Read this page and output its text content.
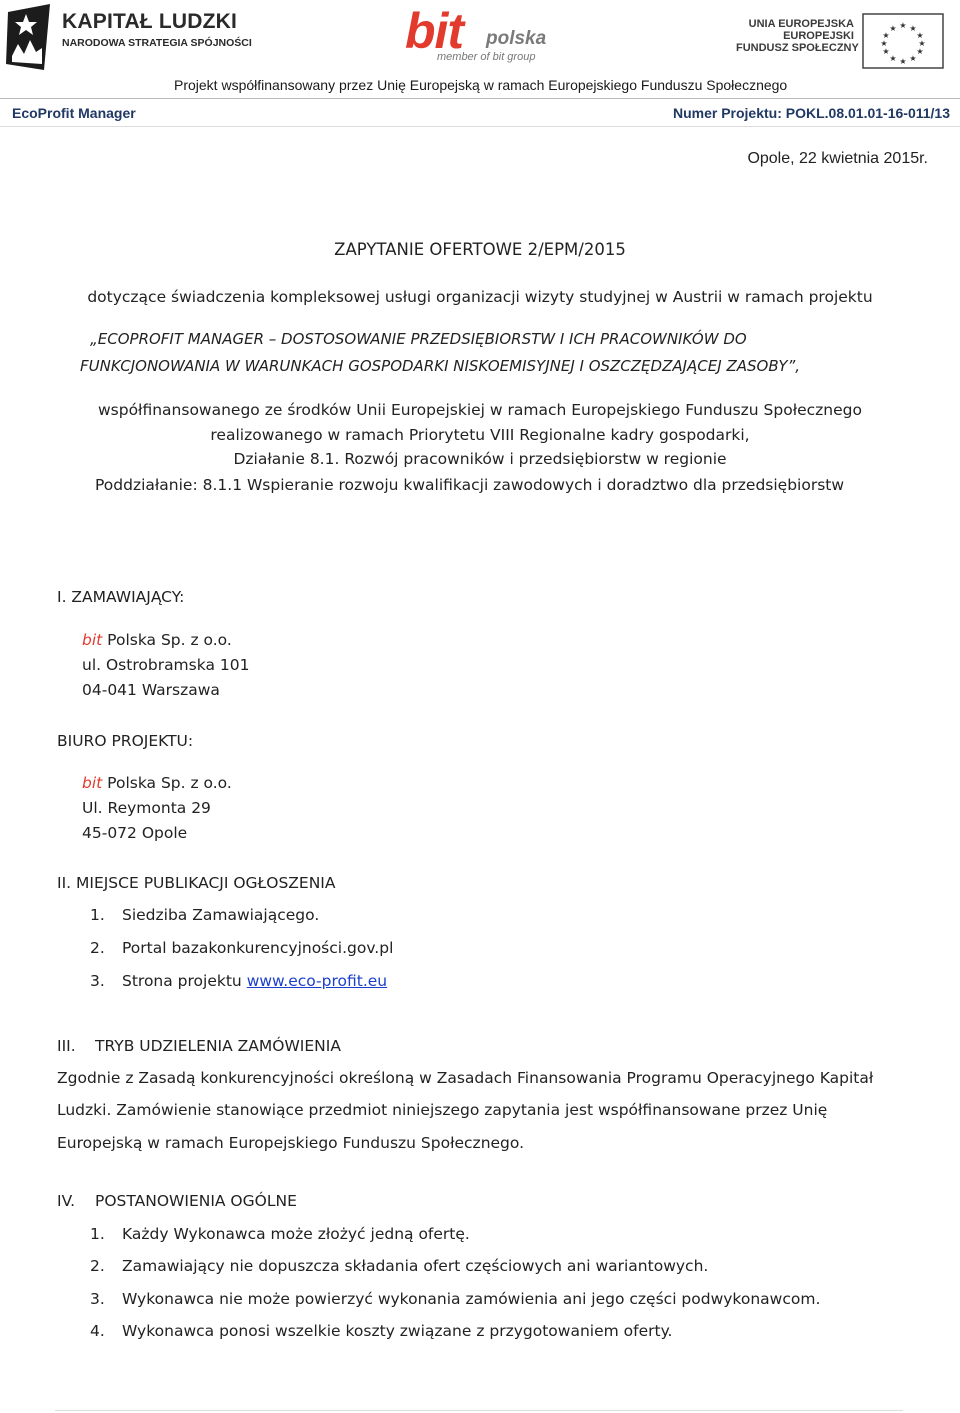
KAPITAŁ LUDZKI
NARODOWA STRATEGIA SPÓJNOŚCI	bit polska
member of bit group
UNIA EUROPEJSKA
EUROPEJSKI
FUNDUSZ SPOŁECZNY
★ ★
★
★
★
★
★
★
★
★
★
★
Projekt współfinansowany przez Unię Europejską w ramach Europejskiego Funduszu Społecznego
EcoProfit Manager	Numer Projektu: POKL.08.01.01-16-011/13
Opole, 22 kwietnia 2015r.
ZAPYTANIE OFERTOWE 2/EPM/2015
dotyczące świadczenia kompleksowej usługi organizacji wizyty studyjnej w Austrii w ramach projektu
„ECOPROFIT MANAGER – DOSTOSOWANIE PRZEDSIĘBIORSTW I ICH PRACOWNIKÓW DO
FUNKCJONOWANIA W WARUNKACH GOSPODARKI NISKOEMISYJNEJ I OSZCZĘDZAJĄCEJ ZASOBY”,
współfinansowanego ze środków Unii Europejskiej w ramach Europejskiego Funduszu Społecznego
realizowanego w ramach Priorytetu VIII Regionalne kadry gospodarki,
Działanie 8.1. Rozwój pracowników i przedsiębiorstw w regionie
Poddziałanie: 8.1.1 Wspieranie rozwoju kwalifikacji zawodowych i doradztwo dla przedsiębiorstw
I. ZAMAWIAJĄCY:
bit Polska Sp. z o.o.
ul. Ostrobramska 101
04-041 Warszawa
BIURO PROJEKTU:
bit Polska Sp. z o.o.
Ul. Reymonta 29
45-072 Opole
II. MIEJSCE PUBLIKACJI OGŁOSZENIA
1. Siedziba Zamawiającego.
2. Portal bazakonkurencyjności.gov.pl
3. Strona projektu www.eco-profit.eu
III. TRYB UDZIELENIA ZAMÓWIENIA
Zgodnie z Zasadą konkurencyjności określoną w Zasadach Finansowania Programu Operacyjnego Kapitał
Ludzki. Zamówienie stanowiące przedmiot niniejszego zapytania jest współfinansowane przez Unię
Europejską w ramach Europejskiego Funduszu Społecznego.
IV. POSTANOWIENIA OGÓLNE
1. Każdy Wykonawca może złożyć jedną ofertę.
2. Zamawiający nie dopuszcza składania ofert częściowych ani wariantowych.
3. Wykonawca nie może powierzyć wykonania zamówienia ani jego części podwykonawcom.
4. Wykonawca ponosi wszelkie koszty związane z przygotowaniem oferty.
